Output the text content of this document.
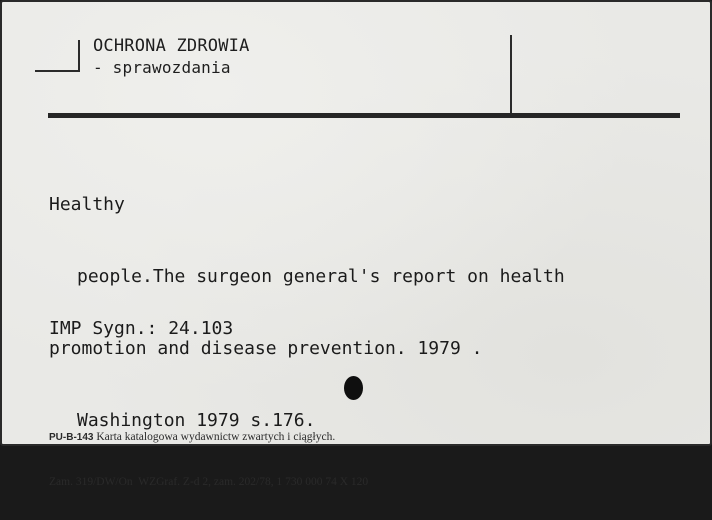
OCHRONA ZDROWIA
- sprawozdania

Healthy

people.The surgeon general's report on health

promotion and disease prevention. 1979 .

Washington 1979 s.176.

IMP Sygn.: 24.103

PU-B-143 Karta katalogowa wydawnictw zwartych i ciągłych.

Zam. 319/DW/On  WZGraf. Z-d 2, zam. 202/78, 1 730 000 74 X 120
